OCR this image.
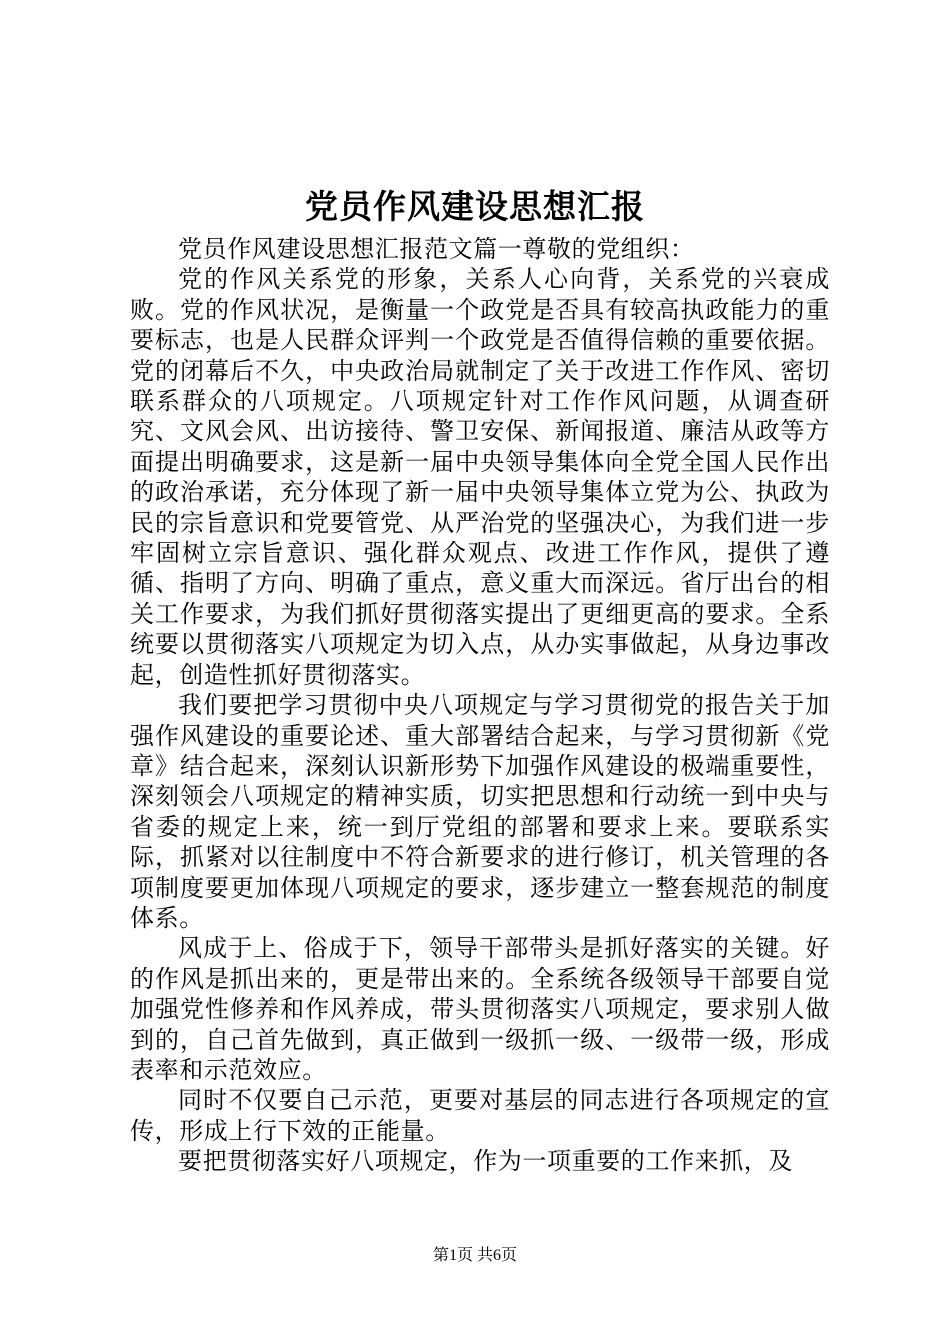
党员作风建设思想汇报

党员作风建设思想汇报范文篇一尊敬的党组织：

党的作风关系党的形象，关系人心向背，关系党的兴衰成败。党的作风状况，是衡量一个政党是否具有较高执政能力的重要标志，也是人民群众评判一个政党是否值得信赖的重要依据。党的闭幕后不久，中央政治局就制定了关于改进工作作风、密切联系群众的八项规定。八项规定针对工作作风问题，从调查研究、文风会风、出访接待、警卫安保、新闻报道、廉洁从政等方面提出明确要求，这是新一届中央领导集体向全党全国人民作出的政治承诺，充分体现了新一届中央领导集体立党为公、执政为民的宗旨意识和党要管党、从严治党的坚强决心，为我们进一步牢固树立宗旨意识、强化群众观点、改进工作作风，提供了遵循、指明了方向、明确了重点，意义重大而深远。省厅出台的相关工作要求，为我们抓好贯彻落实提出了更细更高的要求。全系统要以贯彻落实八项规定为切入点，从办实事做起，从身边事改起，创造性抓好贯彻落实。

我们要把学习贯彻中央八项规定与学习贯彻党的报告关于加强作风建设的重要论述、重大部署结合起来，与学习贯彻新《党章》结合起来，深刻认识新形势下加强作风建设的极端重要性，深刻领会八项规定的精神实质，切实把思想和行动统一到中央与省委的规定上来，统一到厅党组的部署和要求上来。要联系实际，抓紧对以往制度中不符合新要求的进行修订，机关管理的各项制度要更加体现八项规定的要求，逐步建立一整套规范的制度体系。

风成于上、俗成于下，领导干部带头是抓好落实的关键。好的作风是抓出来的，更是带出来的。全系统各级领导干部要自觉加强党性修养和作风养成，带头贯彻落实八项规定，要求别人做到的，自己首先做到，真正做到一级抓一级、一级带一级，形成表率和示范效应。

同时不仅要自己示范，更要对基层的同志进行各项规定的宣传，形成上行下效的正能量。

要把贯彻落实好八项规定，作为一项重要的工作来抓，及

第1页 共6页
